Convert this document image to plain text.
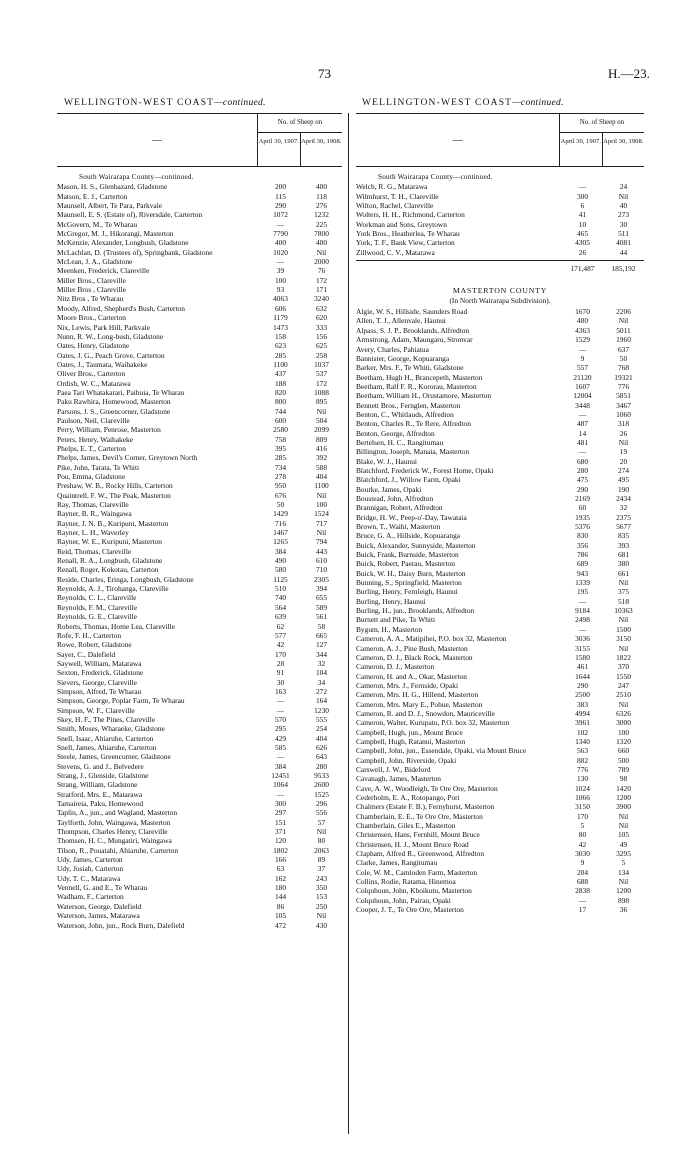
73	H.—23.
WELLINGTON-WEST COAST—continued.	WELLINGTON-WEST COAST—continued.
—
No. of Sheep on
April 30, 1907. April 30, 1908.
South Wairarapa County—continued.
Mason, H. S., Glenbazard, Gladstone	200	400
Matson, E. J., Carterton	115	118
Maunsell, Albert, Te Para, Parkvale	290	276
Maunsell, E. S. (Estate of), Riversdale, Carterton	1072	1232
McGovern, M., Te Wharau	—	225
McGregor, M. J., Hikorangi, Masterton	7790	7800
McKenzie, Alexander, Longbush, Gladstone	400	400
McLachlan, D. (Trustees of), Springbank, Gladstone	1020	Nil
McLean, J. A., Gladstone	—	2000
Meenken, Frederick, Clareville	39	76
Miller Bros., Clareville	100	172
Miller Bros , Clareville	93	171
Nitz Bros , Te Wharau	4063	3240
Moody, Alfred, Shepherd's Bush, Carterton	606	632
Moore Bros., Carterton	1179	620
Nix, Lewis, Park Hill, Parkvale	1473	333
Nunn, R. W., Long-bush, Gladstone	158	156
Oates, Henry, Gladstone	623	625
Oates, J. G., Peach Grove, Carterton	285	258
Oates, J., Taumata, Waihakeke	1100	1037
Oliver Bros., Carterton	437	537
Ordish, W. C., Matarawa	188	172
Paea Tari Whatakarari, Paihuia, Te Wharau	820	1088
Paku Rawhira, Homewood, Masterton	800	895
Parsons, J. S., Greencorner, Gladstone	744	Nil
Paulson, Neil, Clareville	600	504
Perry, William, Penrose, Masterton	2580	2099
Peters, Henry, Waihakeke	758	809
Phelps, E. T., Carterton	395	416
Phelps, James, Devil's Corner, Greytown North	285	392
Pike, John, Tarata, Te Whiti	734	588
Pou, Emma, Gladstone	278	404
Preshaw, W. B., Rocky Hills, Carterton	950	1100
Quaintrell, F. W., The Peak, Masterton	676	Nil
Ray, Thomas, Clareville	50	100
Rayner, B. R., Waingawa	1429	1524
Rayner, J. N. B., Kuripuni, Masterton	716	717
Rayner, L. H., Waverley	1467	Nil
Rayner, W. E., Kuripuni, Masterton	1265	794
Reid, Thomas, Clareville	384	443
Renall, R. A., Longbush, Gladstone	490	610
Renall, Roger, Kokotau, Carterton	580	710
Reside, Charles, Eringa, Longbush, Gladstone	1125	2305
Reynolds, A. J., Tirohanga, Clareville	510	394
Reynolds, C. L., Clareville	740	655
Reynolds, F. M., Clareville	564	589
Reynolds, G. E., Clareville	639	561
Roberts, Thomas, Home Lea, Clareville	62	58
Rofe, F. H., Carterton	577	665
Rowe, Robert, Gladstone	42	127
Sayer, C., Dalefield	170	344
Saywell, William, Matarawa	28	32
Sexton, Frederick, Gladstone	91	104
Sievers, George, Clareville	30	34
Simpson, Alfred, Te Wharau	163	272
Simpson, George, Poplar Farm, Te Wharau	—	164
Simpson, W. F., Clareville	—	1230
Skey, H. F., The Pines, Clareville	570	555
Smith, Moses, Wharaeke, Gladstone	295	254
Snell, Isaac, Ahiaruhe, Carterton	429	404
Snell, James, Ahiaruhe, Carterton	585	626
Steele, James, Greencorner, Gladstone	—	643
Stevens, G. and J., Belvedere	384	280
Strang, J., Glenside, Gladstone	12451	9533
Strang, William, Gladstone	1064	2600
Stratford, Mrs. E., Matarawa	—	1525
Tamaireia, Paku, Homewood	300	296
Taplin, A., jun., and Wagland, Masterton	297	556
Taylforth, John, Waingawa, Masterton	151	57
Thompson, Charles Henry, Clareville	371	Nil
Thomsen, H. C., Mungatiri, Waingawa	120	80
Tilson, R., Pouatahi, Ahiaruhe, Carterton	1802	2063
Udy, James, Carterton	166	89
Udy, Josiah, Carterton	63	37
Udy, T. C., Matarawa	162	243
Vennell, G. and E., Te Wharau	180	350
Wadham, F., Carterton	144	153
Waterson, George, Dalefield	86	250
Waterson, James, Matarawa	105	Nil
Waterson, John, jun., Rock Burn, Dalefield	472	430
—
No. of Sheep on
April 30, 1907. April 30, 1908.
South Wairarapa County—continued.
Welch, R. G., Matarawa	—	24
Wilmhurst, T. H., Clareville	300	Nil
Wilton, Rachel, Clareville	6	40
Wolters, H. H., Richmond, Carterton	41	273
Workman and Sons, Greytown	10	30
York Bros., Heatherlea, Te Wharau	465	511
York, T. F., Bank View, Carterton	4305	4081
Zillwood, C. V., Matarawa	26	44
171,487	185,192
MASTERTON COUNTY
(In North Wairarapa Subdivision).
Algie, W. S., Hillside, Saunders Road	1670	2206
Allen, T. J., Allenvale, Haunui	480	Nil
Alpass, S. J. P., Brooklands, Alfredton	4363	5011
Armstrong, Adam, Maungaru, Stronvar	1529	1960
Avery, Charles, Pahiatua	—	637
Bannister, George, Kopuaranga	9	50
Barker, Mrs. F., Te Whiti, Gladstone	557	768
Beetham, Hugh H., Brancepeth, Masterton	21120	19321
Beetham, Ralf F. R., Kororau, Masterton	1607	776
Beetham, William H., Orustamore, Masterton	12004	5851
Bennett Bros., Fernglen, Masterton	3448	3467
Benton, C., Whitlauds, Alfredton	—	1060
Benton, Charles R., Te Rere, Alfredton	487	318
Benton, George, Alfredton	14	26
Bertelsen, H. C., Rangitumau	481	Nil
Billington, Joseph, Manaia, Masterton	—	19
Blake, W. J., Haunui	680	20
Blatchford, Frederick W., Forest Home, Opaki	280	274
Blatchford, J., Willow Farm, Opaki	475	495
Bourke, James, Opaki	290	190
Boustead, John, Alfredton	2169	2434
Brannigan, Robert, Alfredton	60	32
Bridge, H. W., Peep-o'-Day, Tawataia	1935	2375
Brown, T., Waihi, Masterton	5376	5677
Bruce, G. A., Hillside, Kopuaranga	830	835
Buick, Alexander, Sunnyside, Masterton	356	393
Buick, Frank, Burnside, Masterton	786	681
Buick, Robert, Paerau, Masterton	689	380
Buick, W. H., Daisy Burn, Masterton	943	661
Bunning, S., Springfield, Masterton	1339	Nil
Burling, Henry, Fernleigh, Haunui	195	375
Burling, Henry, Haunui	—	518
Burling, H., jun., Brooklands, Alfredton	9184	10363
Burnett and Pike, Te Whiti	2498	Nil
Bygum, H., Masterton	—	1500
Cameron, A. A., Matipihei, P.O. box 32, Masterton	3036	3150
Cameron, A. J., Pine Bush, Masterton	3155	Nil
Cameron, D. J., Black Rock, Masterton	1580	1822
Cameron, D. J., Masterton	461	370
Cameron, H. and A., Okar, Masterton	1644	1550
Cameron, Mrs. J., Fernside, Opaki	290	247
Cameron, Mrs. H. G., Hillend, Masterton	2500	2510
Cameron, Mrs. Mary E., Pohue, Masterton	383	Nil
Cameron, R. and D. J., Snowdon, Mauriceville	4994	6326
Cameron, Walter, Kurupatu, P.O. box 32, Masterton	3961	3000
Campbell, Hugh, jun., Mount Bruce	102	100
Campbell, Hugh, Ratanui, Masterton	1340	1320
Campbell, John, jun., Essendale, Opaki, via Mount Bruce	563	660
Campbell, John, Riverside, Opaki	882	500
Carswell, J. W., Bideford	776	789
Cavanagh, James, Masterton	130	98
Cave, A. W., Woodleigh, Te Ore Ore, Masterton	1024	1420
Cederholm, E. A., Rotopango, Pori	1066	1200
Chalmers (Estate F. B.), Fernyhurst, Masterton	3150	3900
Chamberlain, E. E., Te Ore Ore, Masterton	170	Nil
Chamberlain, Giles E., Masterton	5	Nil
Christensen, Hans, Fernhill, Mount Bruce	80	105
Christensen, H. J., Mount Bruce Road	42	49
Clapham, Alfred R., Greenwood, Alfredton	3030	3295
Clarke, James, Rangitumau	9	5
Cole, W. M., Camloden Farm, Masterton	204	134
Collins, Rodie, Ratama, Hinemoa	688	Nil
Colquhoun, John, Khoikutu, Masterton	2838	1200
Colquhoun, John, Pairau, Opaki	—	898
Cooper, J. T., Te Ore Ore, Masterton	17	36
